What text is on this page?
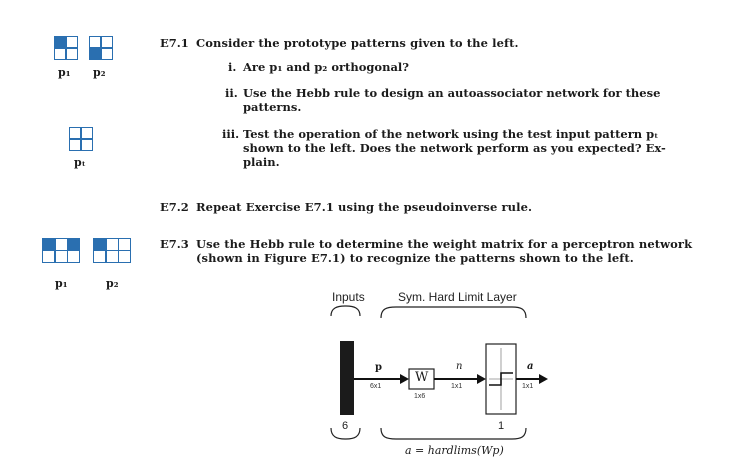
p₁ p₂
pₜ
p₁	p₂
E7.1 Consider the prototype patterns given to the left.
i. Are p₁ and p₂ orthogonal?
ii. Use the Hebb rule to design an autoassociator network for these
patterns.
iii. Test the operation of the network using the test input pattern pₜ
shown to the left. Does the network perform as you expected? Ex-
plain.
E7.2 Repeat Exercise E7.1 using the pseudoinverse rule.
E7.3 Use the Hebb rule to determine the weight matrix for a perceptron network
(shown in Figure E7.1) to recognize the patterns shown to the left.
Inputs	Sym. Hard Limit Layer
p
6x1
W
1x6
n
1x1
a
1x1
6	1
a = hardlims(Wp)
